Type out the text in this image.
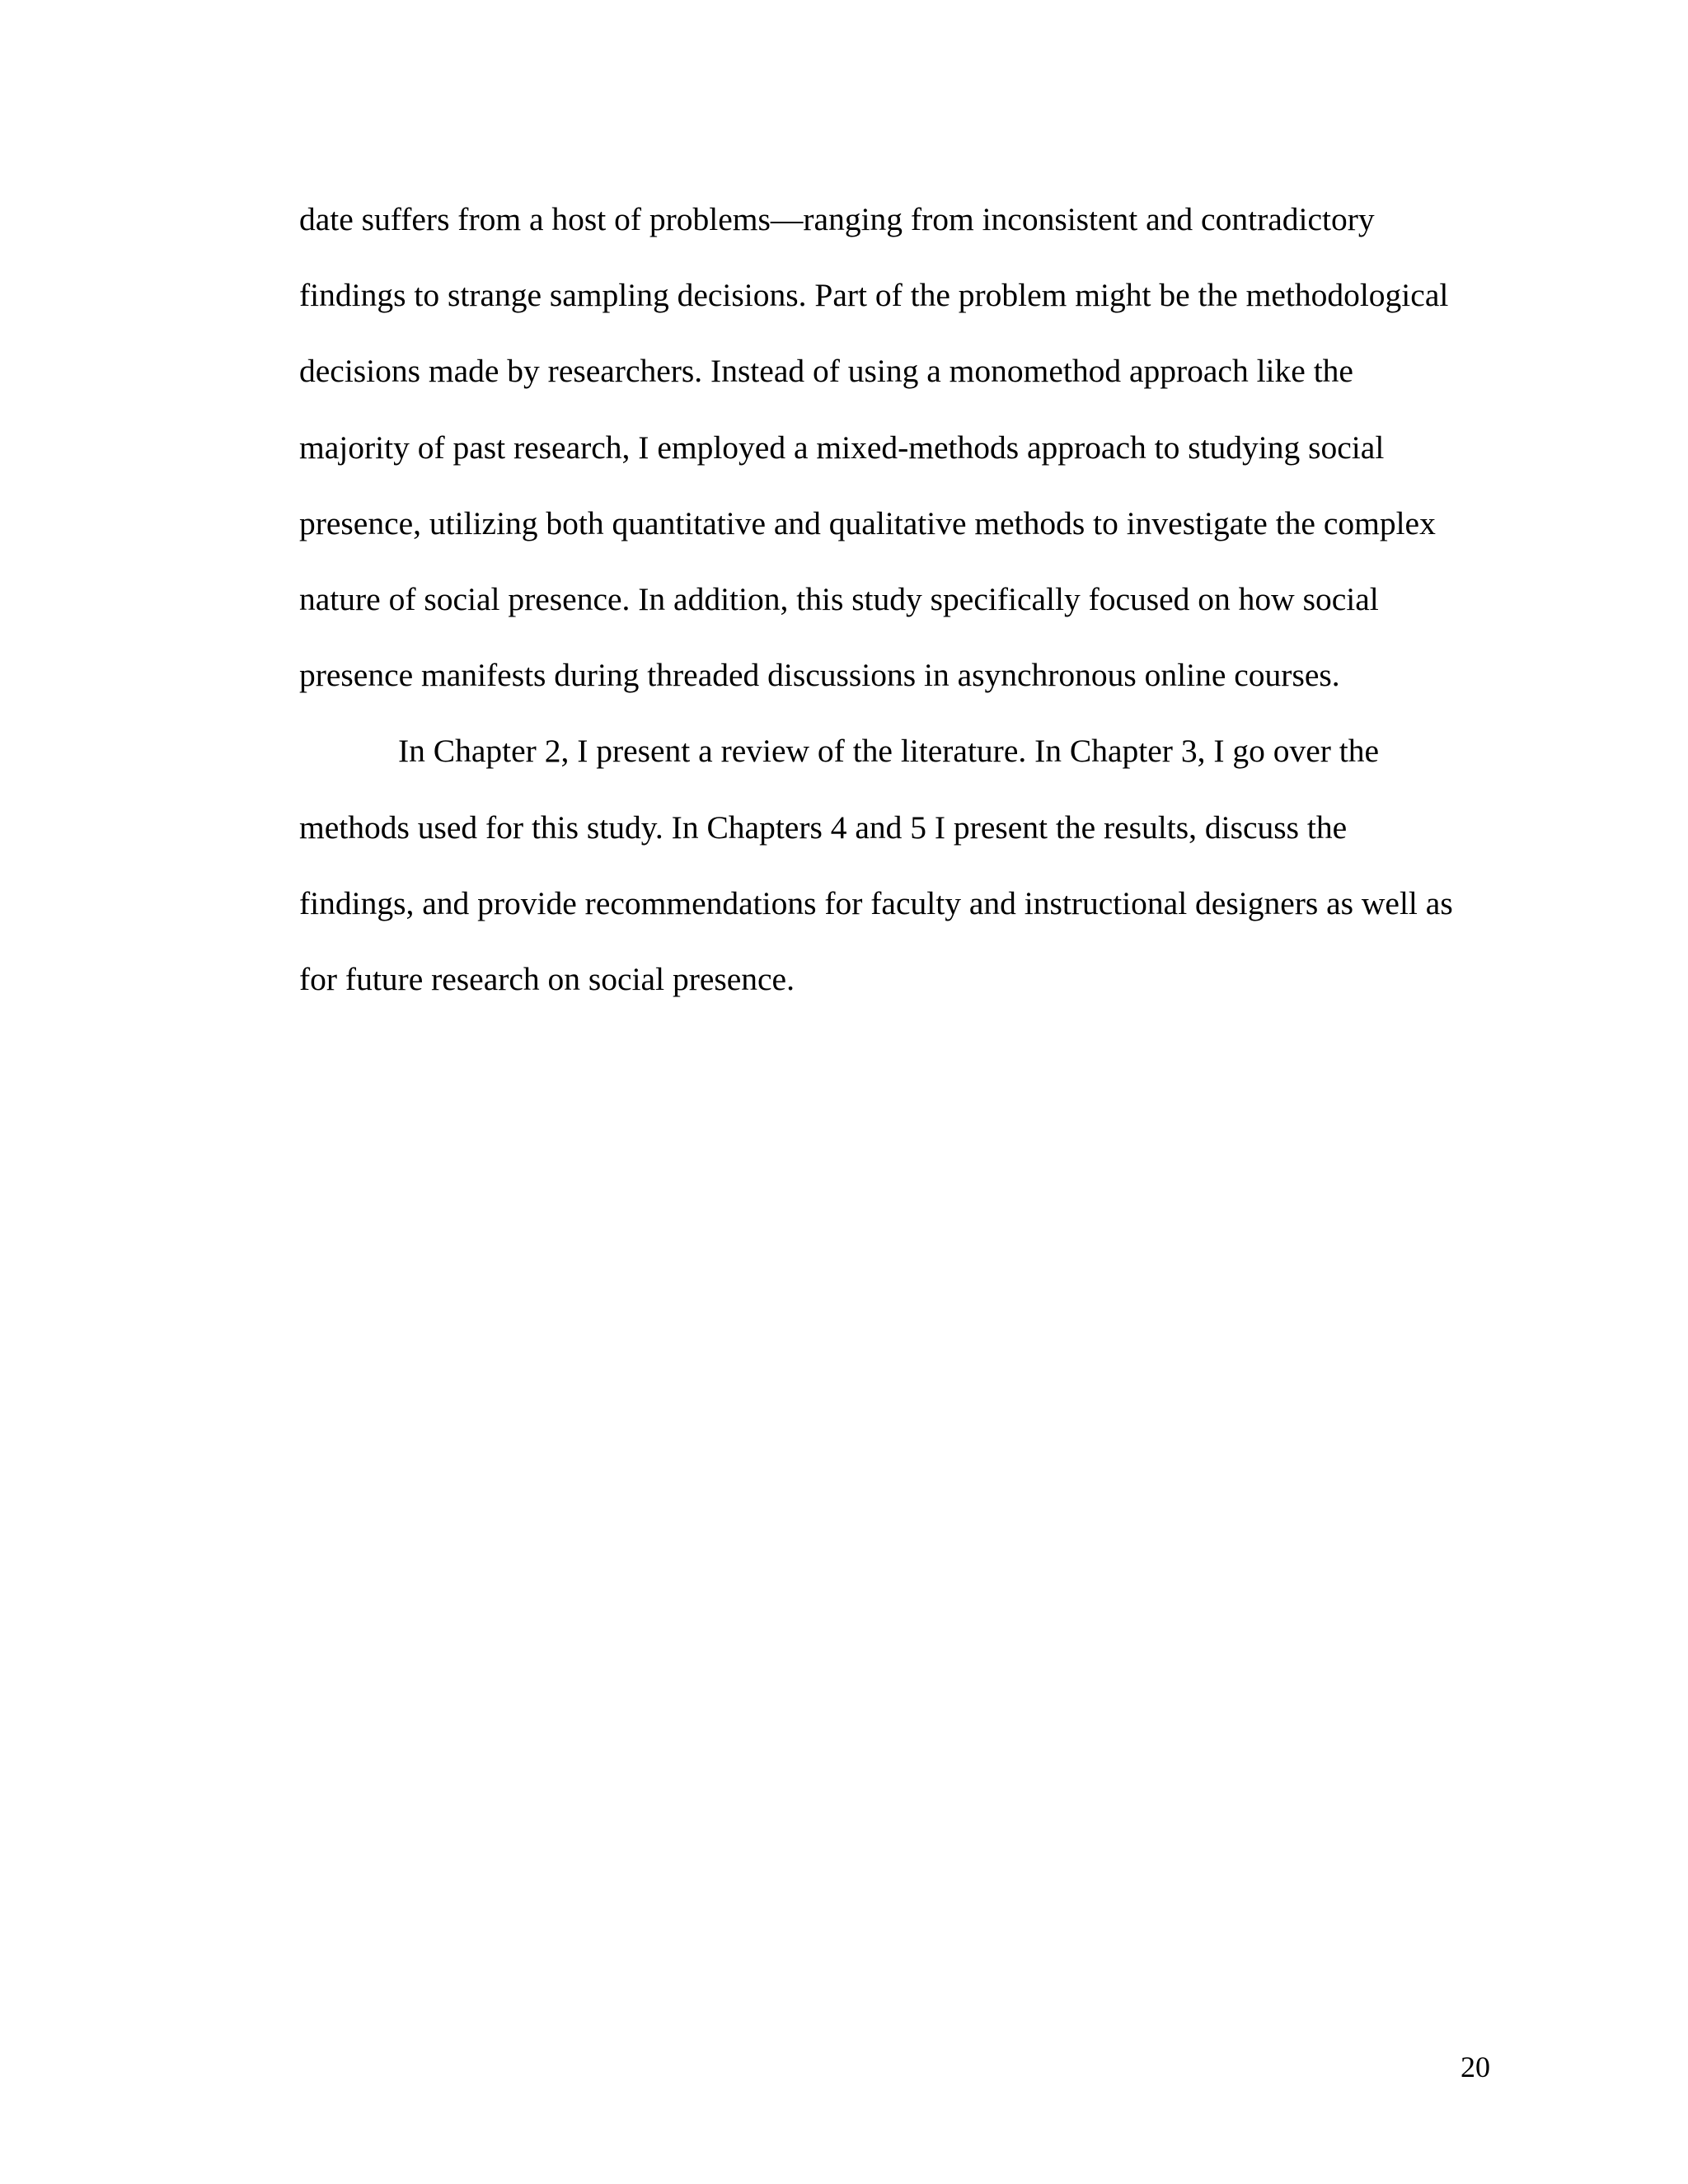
date suffers from a host of problems—ranging from inconsistent and contradictory
findings to strange sampling decisions. Part of the problem might be the methodological
decisions made by researchers. Instead of using a monomethod approach like the
majority of past research, I employed a mixed-methods approach to studying social
presence, utilizing both quantitative and qualitative methods to investigate the complex
nature of social presence. In addition, this study specifically focused on how social
presence manifests during threaded discussions in asynchronous online courses.
In Chapter 2, I present a review of the literature. In Chapter 3, I go over the
methods used for this study. In Chapters 4 and 5 I present the results, discuss the
findings, and provide recommendations for faculty and instructional designers as well as
for future research on social presence.
20
